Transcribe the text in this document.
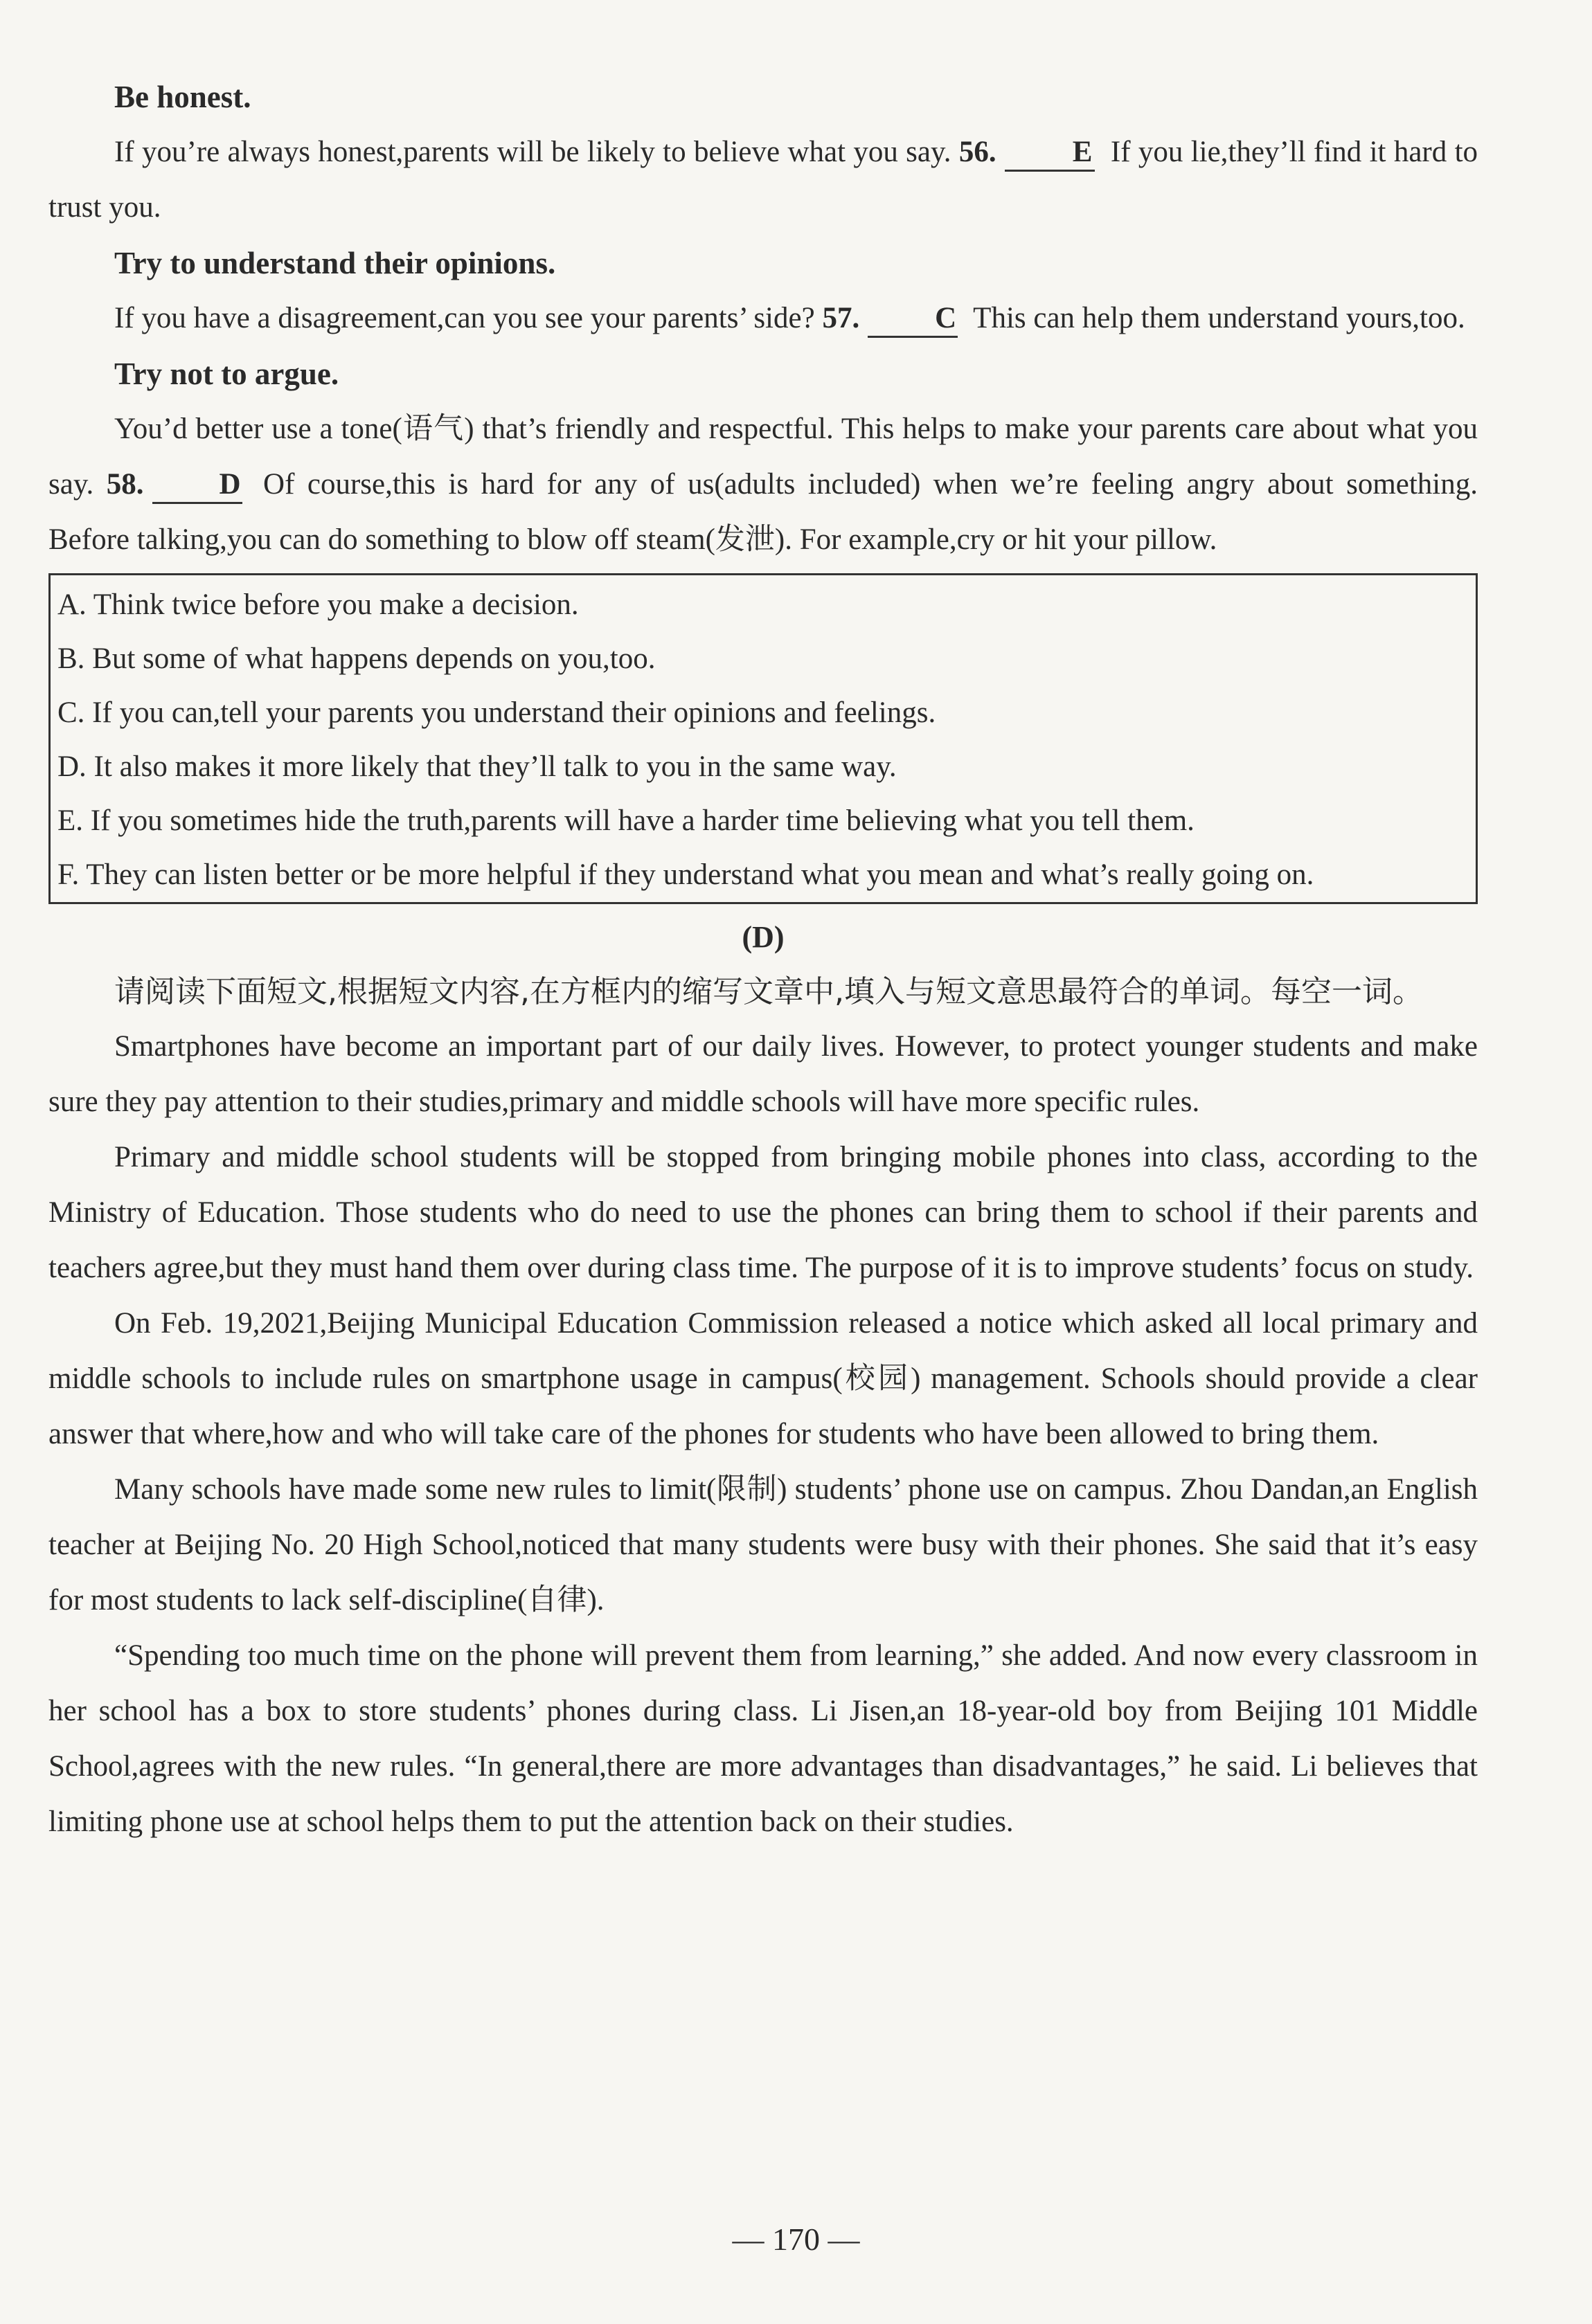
Be honest.

If you’re always honest,parents will be likely to believe what you say. 56.	E If you lie,they’ll find it hard to trust you.

Try to understand their opinions.

If you have a disagreement,can you see your parents’ side? 57.	C This can help them understand yours,too.

Try not to argue.

You’d better use a tone(语气) that’s friendly and respectful. This helps to make your parents care about what you say. 58.	D Of course,this is hard for any of us(adults included) when we’re feeling angry about something. Before talking,you can do something to blow off steam(发泄). For example,cry or hit your pillow.

A. Think twice before you make a decision.

B. But some of what happens depends on you,too.

C. If you can,tell your parents you understand their opinions and feelings.

D. It also makes it more likely that they’ll talk to you in the same way.

E. If you sometimes hide the truth,parents will have a harder time believing what you tell them.

F. They can listen better or be more helpful if they understand what you mean and what’s really going on.

(D)

请阅读下面短文,根据短文内容,在方框内的缩写文章中,填入与短文意思最符合的单词。每空一词。

Smartphones have become an important part of our daily lives. However, to protect younger students and make sure they pay attention to their studies,primary and middle schools will have more specific rules.

Primary and middle school students will be stopped from bringing mobile phones into class, according to the Ministry of Education. Those students who do need to use the phones can bring them to school if their parents and teachers agree,but they must hand them over during class time. The purpose of it is to improve students’ focus on study.

On Feb. 19,2021,Beijing Municipal Education Commission released a notice which asked all local primary and middle schools to include rules on smartphone usage in campus(校园) management. Schools should provide a clear answer that where,how and who will take care of the phones for students who have been allowed to bring them.

Many schools have made some new rules to limit(限制) students’ phone use on campus. Zhou Dandan,an English teacher at Beijing No. 20 High School,noticed that many students were busy with their phones. She said that it’s easy for most students to lack self-discipline(自律).

“Spending too much time on the phone will prevent them from learning,” she added. And now every classroom in her school has a box to store students’ phones during class. Li Jisen,an 18-year-old boy from Beijing 101 Middle School,agrees with the new rules. “In general,there are more advantages than disadvantages,” he said. Li believes that limiting phone use at school helps them to put the attention back on their studies.

— 170 —
